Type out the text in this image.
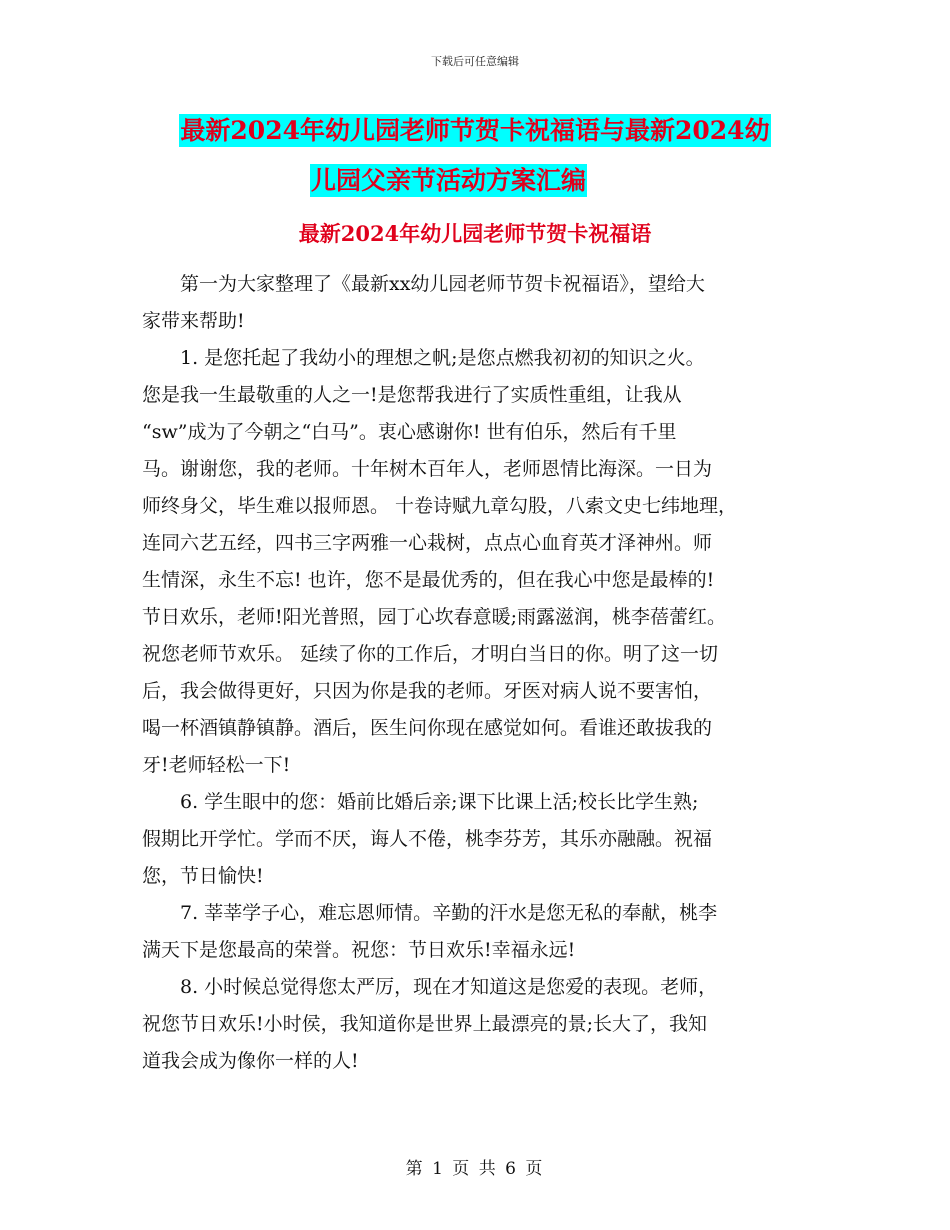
下载后可任意编辑
最新2024年幼儿园老师节贺卡祝福语与最新2024幼
儿园父亲节活动方案汇编
最新2024年幼儿园老师节贺卡祝福语

第一为大家整理了《最新xx幼儿园老师节贺卡祝福语》，望给大
家带来帮助!

1. 是您托起了我幼小的理想之帆;是您点燃我初初的知识之火。
您是我一生最敬重的人之一!是您帮我进行了实质性重组，让我从
“sw”成为了今朝之“白马”。衷心感谢你! 世有伯乐，然后有千里
马。谢谢您，我的老师。十年树木百年人，老师恩情比海深。一日为
师终身父，毕生难以报师恩。 十卷诗赋九章勾股，八索文史七纬地理，
连同六艺五经，四书三字两雅一心栽树，点点心血育英才泽神州。师
生情深，永生不忘! 也许，您不是最优秀的，但在我心中您是最棒的!
节日欢乐，老师!阳光普照，园丁心坎春意暖;雨露滋润，桃李蓓蕾红。
祝您老师节欢乐。 延续了你的工作后，才明白当日的你。明了这一切
后，我会做得更好，只因为你是我的老师。牙医对病人说不要害怕，
喝一杯酒镇静镇静。酒后，医生问你现在感觉如何。看谁还敢拔我的
牙!老师轻松一下!

6. 学生眼中的您：婚前比婚后亲;课下比课上活;校长比学生熟;
假期比开学忙。学而不厌，诲人不倦，桃李芬芳，其乐亦融融。祝福
您，节日愉快!

7. 莘莘学子心，难忘恩师情。辛勤的汗水是您无私的奉献，桃李
满天下是您最高的荣誉。祝您：节日欢乐!幸福永远!

8. 小时候总觉得您太严厉，现在才知道这是您爱的表现。老师，
祝您节日欢乐!小时侯，我知道你是世界上最漂亮的景;长大了，我知
道我会成为像你一样的人!

第 1 页 共 6 页
